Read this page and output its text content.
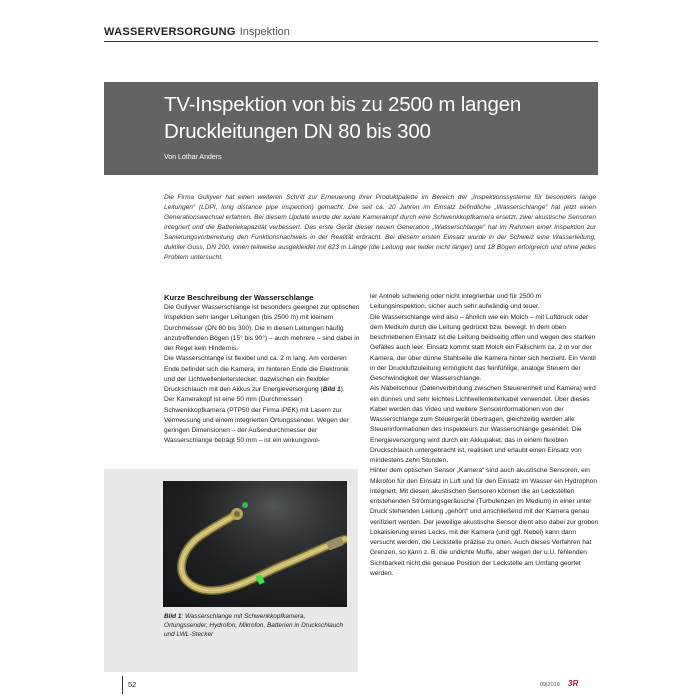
WASSERVERSORGUNG Inspektion
TV-Inspektion von bis zu 2500 m langen
Druckleitungen DN 80 bis 300
Von Lothar Anders
Die Firma Gullyver hat einen weiteren Schritt zur Erneuerung ihrer Produktpalette im Bereich der „Inspektionssysteme für besonders lange Leitungen“ (LDPI, long distance pipe inspection) gemacht. Die seit ca. 20 Jahren im Einsatz befindliche „Wasserschlange“ hat jetzt einen Generationswechsel erfahren. Bei diesem Update wurde der axiale Kamerakopf durch eine Schwenkkopfkamera ersetzt, zwei akustische Sensoren integriert und die Batteriekapazität verbessert. Das erste Gerät dieser neuen Generation „Wasserschlange“ hat im Rahmen einer Inspektion zur Sanierungsvorbereitung den Funktionsnachweis in der Realität erbracht. Bei diesem ersten Einsatz wurde in der Schweiz eine Wasserleitung, duktiler Guss, DN 200, innen teilweise ausgekleidet mit 623 m Länge (die Leitung war leider nicht länger) und 18 Bögen erfolgreich und ohne jedes Problem untersucht.
Kurze Beschreibung der Wasserschlange

Die Gullyver Wasserschlange ist besonders geeignet zur optischen Inspektion sehr langer Leitungen (bis 2500 m) mit kleinem Durchmesser (DN 80 bis 300). Die in diesen Leitungen häufig anzutreffenden Bögen (15° bis 90°) – auch mehrere – sind dabei in der Regel kein Hindernis.

Die Wasserschlange ist flexibel und ca. 2 m lang. Am vorderen Ende befindet sich die Kamera, im hinteren Ende die Elektronik und der Lichtwellenleiterstecker, dazwischen ein flexibler Druckschlauch mit den Akkus zur Energieversorgung (Bild 1).

Der Kamerakopf ist eine 50 mm (Durchmesser) Schwenkkopfkamera (PTP50 der Firma iPEK) mit Lasern zur Vermessung und einem integrierten Ortungssender. Wegen der geringen Dimensionen – der Außendurchmesser der Wasserschlange beträgt 50 mm – ist ein wirkungsvol-

ler Antrieb schwierig oder nicht integrierbar und für 2500 m Leitungsinspektion, sicher auch sehr aufwändig und teuer.

Die Wasserschlange wird also – ähnlich wie ein Molch – mit Luftdruck oder dem Medium durch die Leitung gedrückt bzw. bewegt. In dem oben beschriebenen Einsatz ist die Leitung beidseitig offen und wegen des starken Gefälles auch leer. Einsatz kommt statt Molch ein Fallschirm ca. 2 m vor der Kamera, der über dünne Stahlseile die Kamera hinter sich herzieht. Ein Ventil in der Druckluftzuleitung ermöglicht das feinfühlige, analoge Steuern der Geschwindigkeit der Wasserschlange.

Als Nabelschnur (Datenverbindung zwischen Steuereinheit und Kamera) wird ein dünnes und sehr leichtes Lichtwellenleiterkabel verwendet. Über dieses Kabel werden das Video und weitere Sensorinformationen von der Wasserschlange zum Steuergerät übertragen, gleichzeitig werden alle Steuerinformationen des Inspekteurs zur Wasserschlange gesendet. Die Energieversorgung wird durch ein Akkupaket, das in einem flexiblen Druckschlauch untergebracht ist, realisiert und erlaubt einen Einsatz von mindestens zehn Stunden.

Hinter dem optischen Sensor „Kamera“ sind auch akustische Sensoren, ein Mikrofon für den Einsatz in Luft und für den Einsatz im Wasser ein Hydrophon integriert. Mit diesen akustischen Sensoren können die an Leckstellen entstehenden Strömungsgeräusche (Turbulenzen im Medium) in einer unter Druck stehenden Leitung „gehört“ und anschließend mit der Kamera genau verifiziert werden. Der jeweilige akustische Sensor dient also dabei zur groben Lokalisierung eines Lecks, mit der Kamera (und ggf. Nebel) kann dann versucht werden, die Leckstelle präzise zu orten. Auch dieses Verfahren hat Grenzen, so kann z. B. die undichte Muffe, aber wegen der u.U. fehlenden Sichtbarkeit nicht die genaue Position der Leckstelle am Umfang geortet werden.

Bild 1: Wasserschlange mit Schwenkkopfkamera, Ortungssender, Hydrofon, Mikrofon, Batterien in Druckschlauch und LWL-Stecker
52	09|2018 3R
